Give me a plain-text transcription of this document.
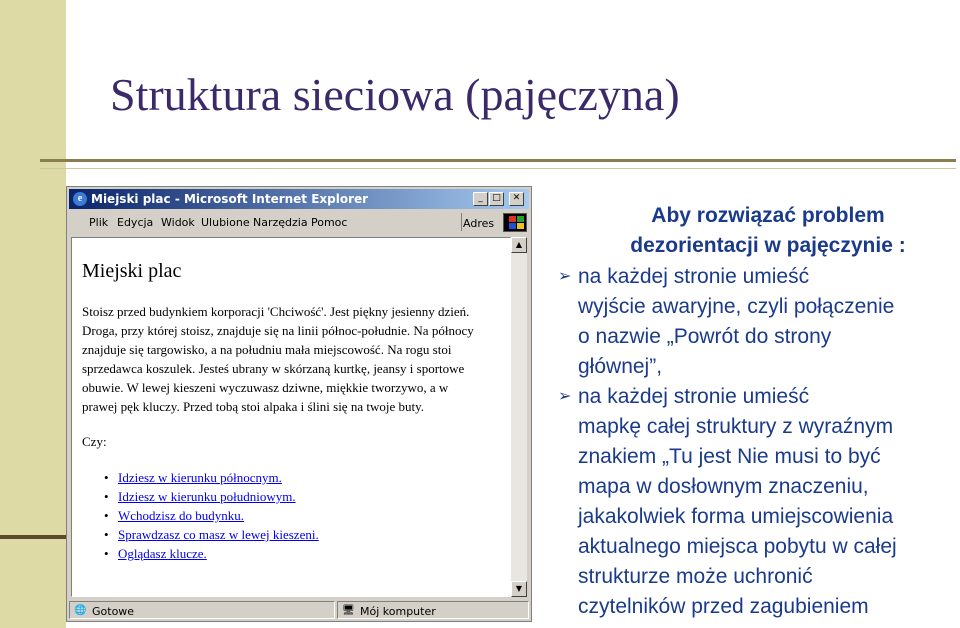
Struktura sieciowa (pajęczyna)
e Miejski plac - Microsoft Internet Explorer	_	□	✕
Plik Edycja Widok Ulubione Narzędzia Pomoc	Adres
Miejski plac
Stoisz przed budynkiem korporacji 'Chciwość'. Jest piękny jesienny dzień.
Droga, przy której stoisz, znajduje się na linii północ-południe. Na północy
znajduje się targowisko, a na południu mała miejscowość. Na rogu stoi
sprzedawca koszulek. Jesteś ubrany w skórzaną kurtkę, jeansy i sportowe
obuwie. W lewej kieszeni wyczuwasz dziwne, miękkie tworzywo, a w
prawej pęk kluczy. Przed tobą stoi alpaka i ślini się na twoje buty.
Czy:
• Idziesz w kierunku północnym.
• Idziesz w kierunku południowym.
• Wchodzisz do budynku.
• Sprawdzasz co masz w lewej kieszeni.
• Oglądasz klucze.
▲
▼
🌐 Gotowe	🖥 Mój komputer
Aby rozwiązać problem
dezorientacji w pajęczynie :
➢ na każdej stronie umieść
wyjście awaryjne, czyli połączenie
o nazwie „Powrót do strony
głównej”,
➢ na każdej stronie umieść
mapkę całej struktury z wyraźnym
znakiem „Tu jest Nie musi to być
mapa w dosłownym znaczeniu,
jakakolwiek forma umiejscowienia
aktualnego miejsca pobytu w całej
strukturze może uchronić
czytelników przed zagubieniem
